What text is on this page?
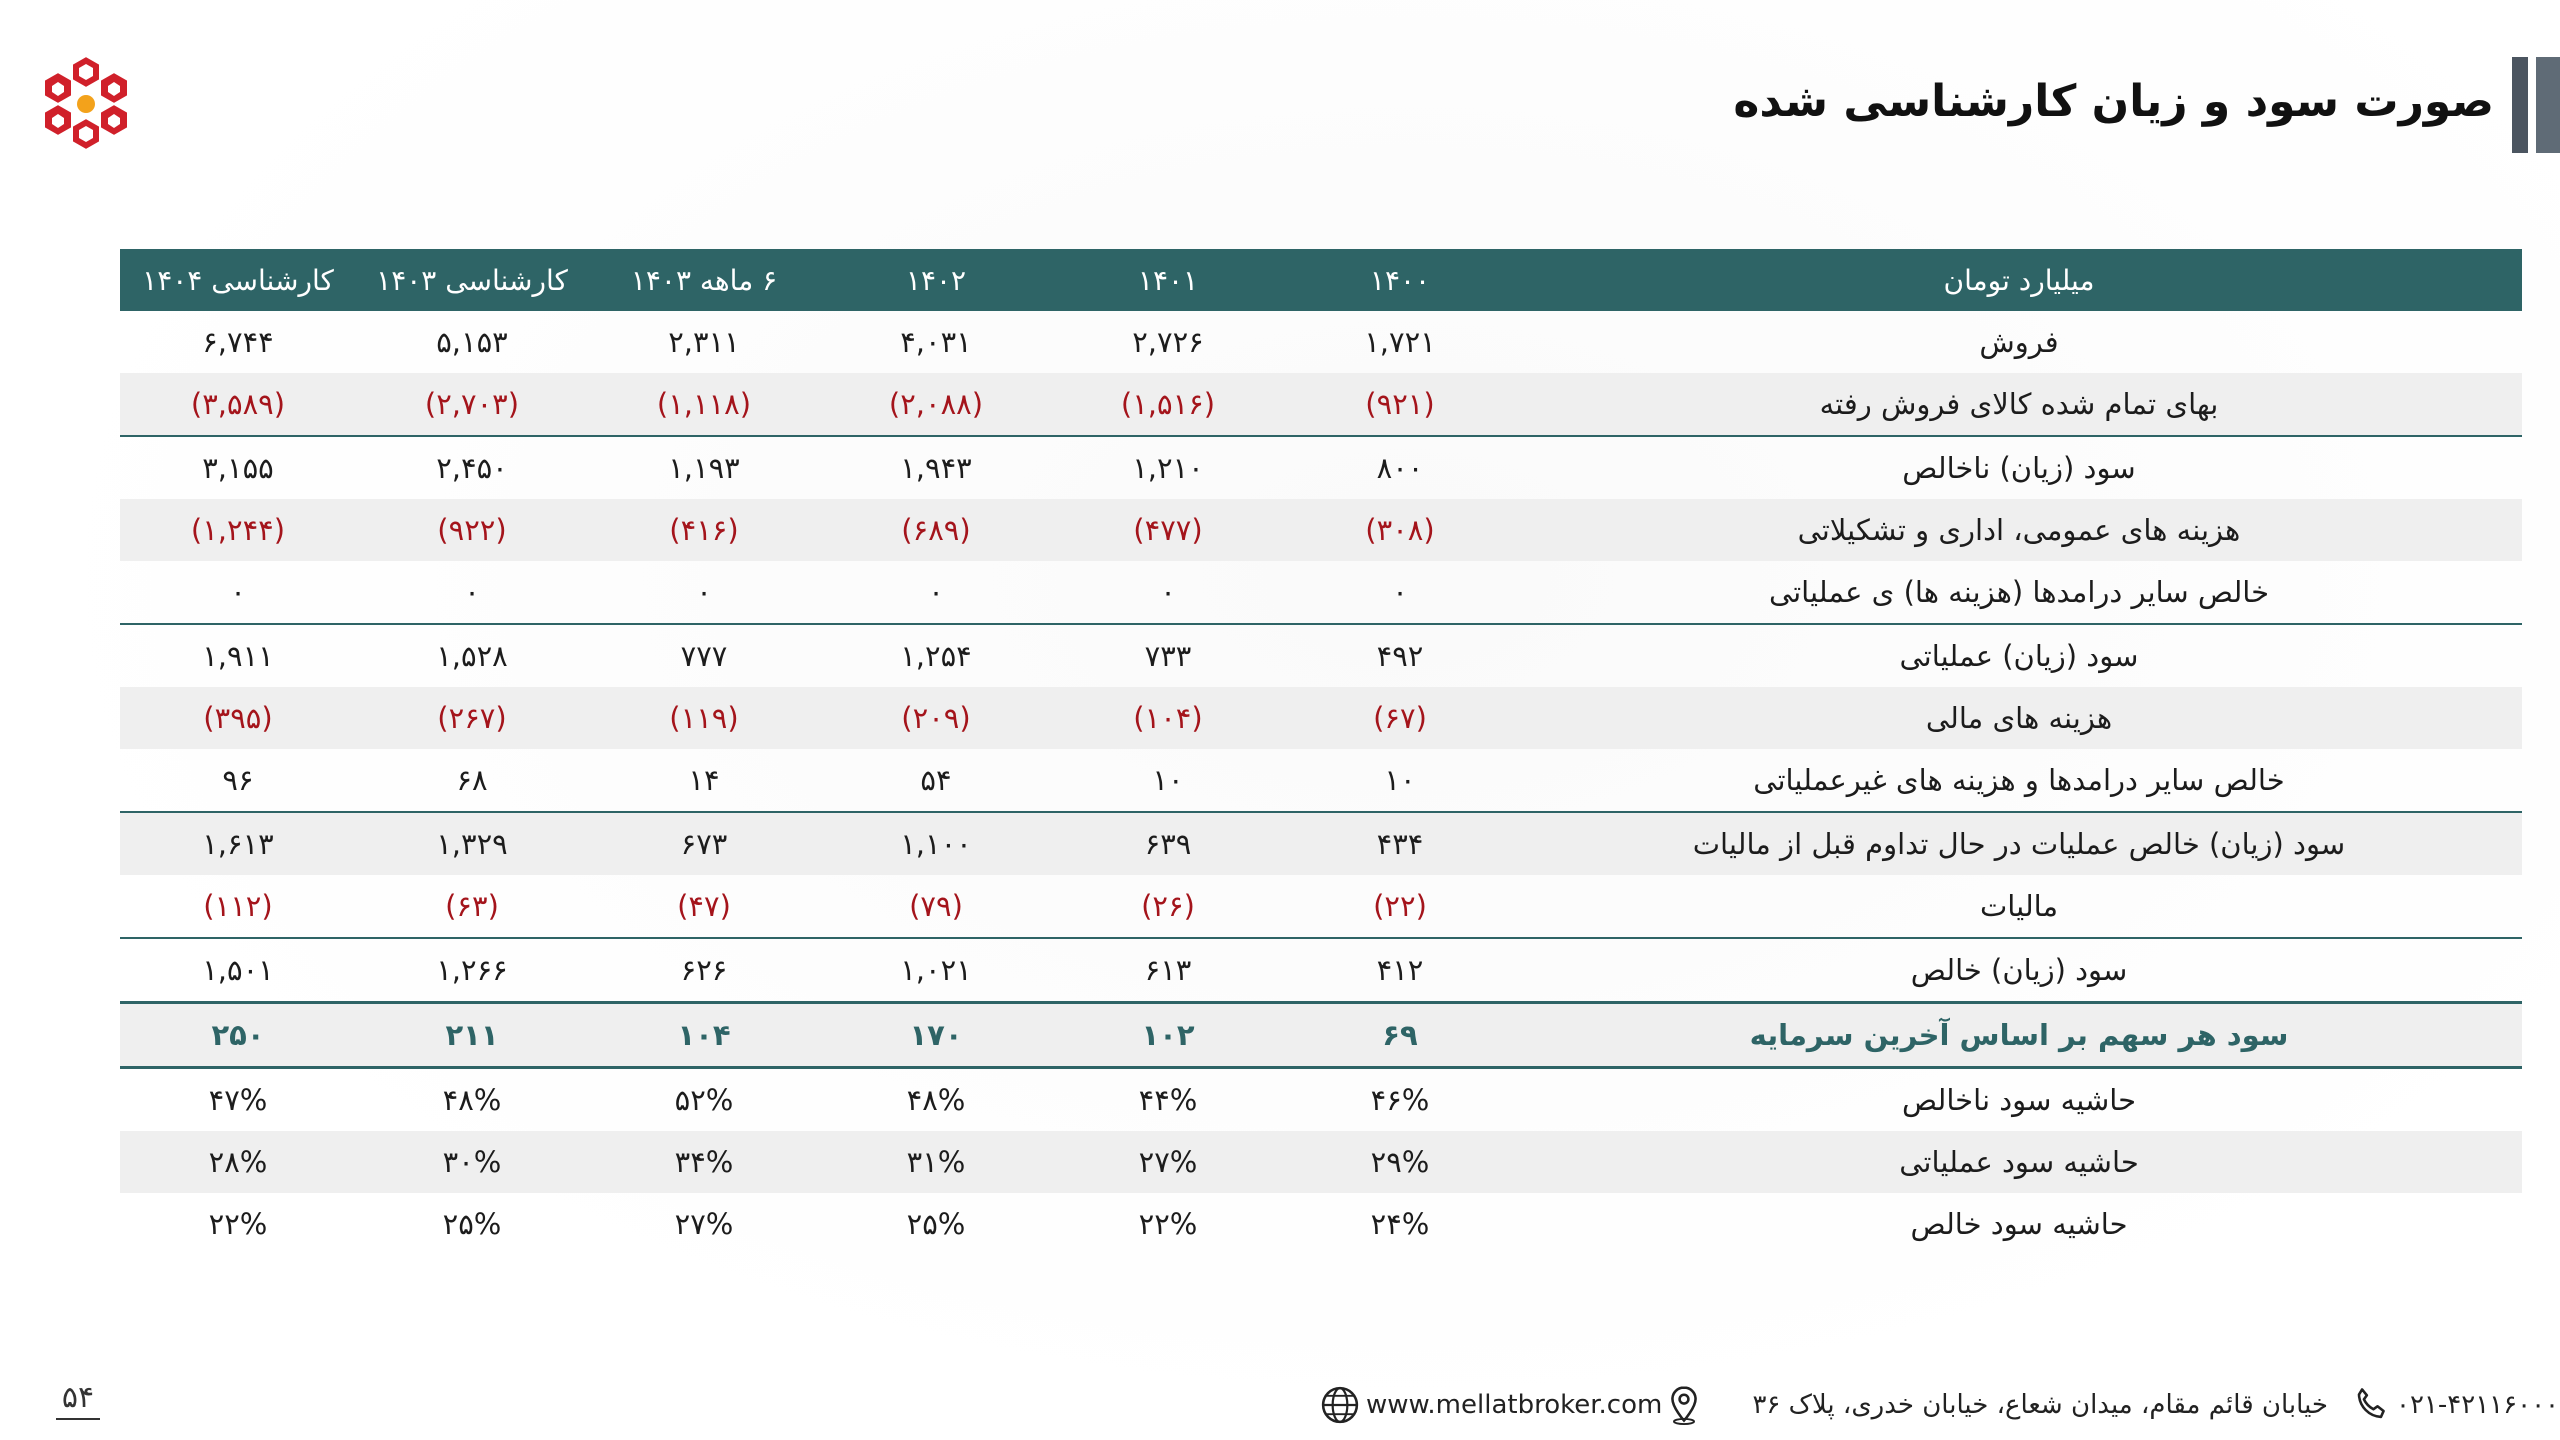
صورت سود و زیان کارشناسی شده
میلیارد تومان	۱۴۰۰	۱۴۰۱	۱۴۰۲	۶ ماهه ۱۴۰۳	کارشناسی ۱۴۰۳	کارشناسی ۱۴۰۴
فروش	۱,۷۲۱	۲,۷۲۶	۴,۰۳۱	۲,۳۱۱	۵,۱۵۳	۶,۷۴۴
بهای تمام شده کالای فروش رفته	(۹۲۱)	(۱,۵۱۶)	(۲,۰۸۸)	(۱,۱۱۸)	(۲,۷۰۳)	(۳,۵۸۹)
سود (زیان) ناخالص	۸۰۰	۱,۲۱۰	۱,۹۴۳	۱,۱۹۳	۲,۴۵۰	۳,۱۵۵
هزینه های عمومی، اداری و تشکیلاتی	(۳۰۸)	(۴۷۷)	(۶۸۹)	(۴۱۶)	(۹۲۲)	(۱,۲۴۴)
خالص سایر درامدها (هزینه ها) ی عملیاتی	۰	۰	۰	۰	۰	۰
سود (زیان) عملیاتی	۴۹۲	۷۳۳	۱,۲۵۴	۷۷۷	۱,۵۲۸	۱,۹۱۱
هزینه های مالی	(۶۷)	(۱۰۴)	(۲۰۹)	(۱۱۹)	(۲۶۷)	(۳۹۵)
خالص سایر درامدها و هزینه های غیرعملیاتی	۱۰	۱۰	۵۴	۱۴	۶۸	۹۶
سود (زیان) خالص عملیات در حال تداوم قبل از مالیات	۴۳۴	۶۳۹	۱,۱۰۰	۶۷۳	۱,۳۲۹	۱,۶۱۳
مالیات	(۲۲)	(۲۶)	(۷۹)	(۴۷)	(۶۳)	(۱۱۲)
سود (زیان) خالص	۴۱۲	۶۱۳	۱,۰۲۱	۶۲۶	۱,۲۶۶	۱,۵۰۱
سود هر سهم بر اساس آخرین سرمایه	۶۹	۱۰۲	۱۷۰	۱۰۴	۲۱۱	۲۵۰
حاشیه سود ناخالص	۴۶%	۴۴%	۴۸%	۵۲%	۴۸%	۴۷%
حاشیه سود عملیاتی	۲۹%	۲۷%	۳۱%	۳۴%	۳۰%	۲۸%
حاشیه سود خالص	۲۴%	۲۲%	۲۵%	۲۷%	۲۵%	۲۲%
۰۲۱-۴۲۱۱۶۰۰۰
خیابان قائم مقام، میدان شعاع، خیابان خدری، پلاک ۳۶
www.mellatbroker.com
۵۴
